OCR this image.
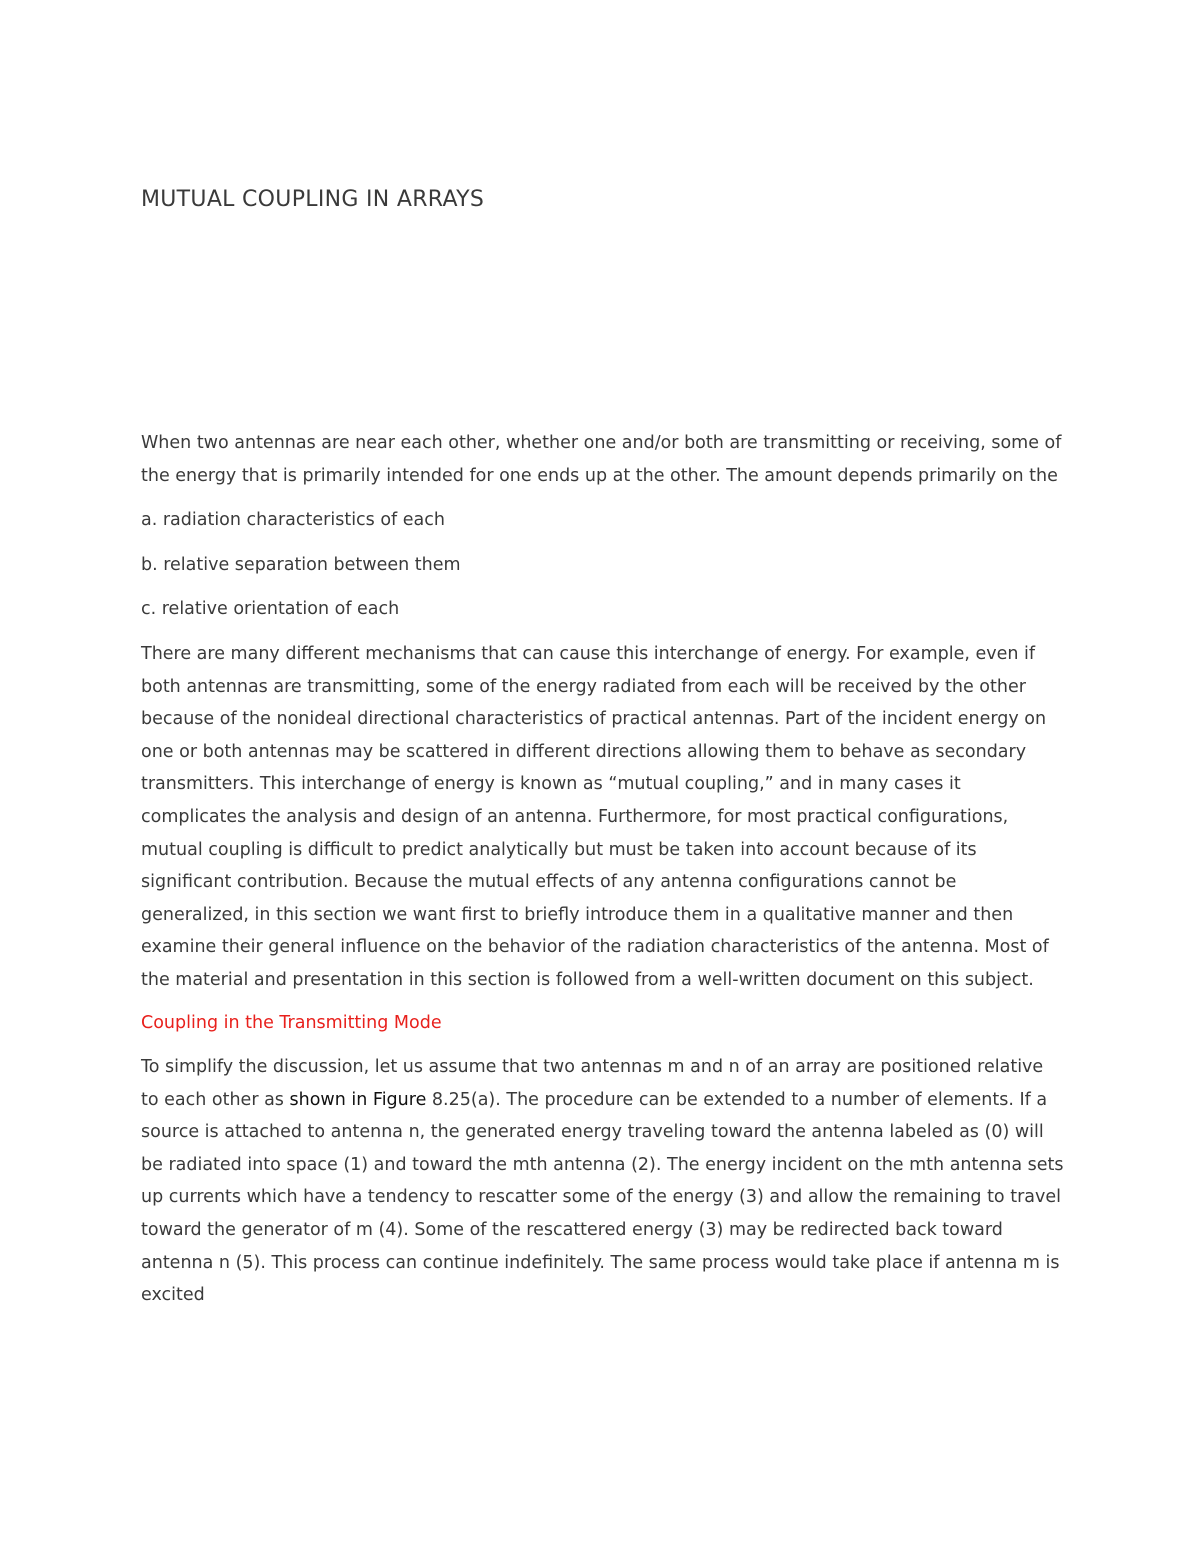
MUTUAL COUPLING IN ARRAYS

When two antennas are near each other, whether one and/or both are transmitting or receiving, some of the energy that is primarily intended for one ends up at the other. The amount depends primarily on the

a. radiation characteristics of each

b. relative separation between them

c. relative orientation of each

There are many different mechanisms that can cause this interchange of energy. For example, even if both antennas are transmitting, some of the energy radiated from each will be received by the other because of the nonideal directional characteristics of practical antennas. Part of the incident energy on one or both antennas may be scattered in different directions allowing them to behave as secondary transmitters. This interchange of energy is known as “mutual coupling,” and in many cases it complicates the analysis and design of an antenna. Furthermore, for most practical configurations, mutual coupling is difficult to predict analytically but must be taken into account because of its significant contribution. Because the mutual effects of any antenna configurations cannot be generalized, in this section we want first to briefly introduce them in a qualitative manner and then examine their general influence on the behavior of the radiation characteristics of the antenna. Most of the material and presentation in this section is followed from a well-written document on this subject.

Coupling in the Transmitting Mode

To simplify the discussion, let us assume that two antennas m and n of an array are positioned relative to each other as shown in Figure 8.25(a). The procedure can be extended to a number of elements. If a source is attached to antenna n, the generated energy traveling toward the antenna labeled as (0) will be radiated into space (1) and toward the mth antenna (2). The energy incident on the mth antenna sets up currents which have a tendency to rescatter some of the energy (3) and allow the remaining to travel toward the generator of m (4). Some of the rescattered energy (3) may be redirected back toward antenna n (5). This process can continue indefinitely. The same process would take place if antenna m is excited
